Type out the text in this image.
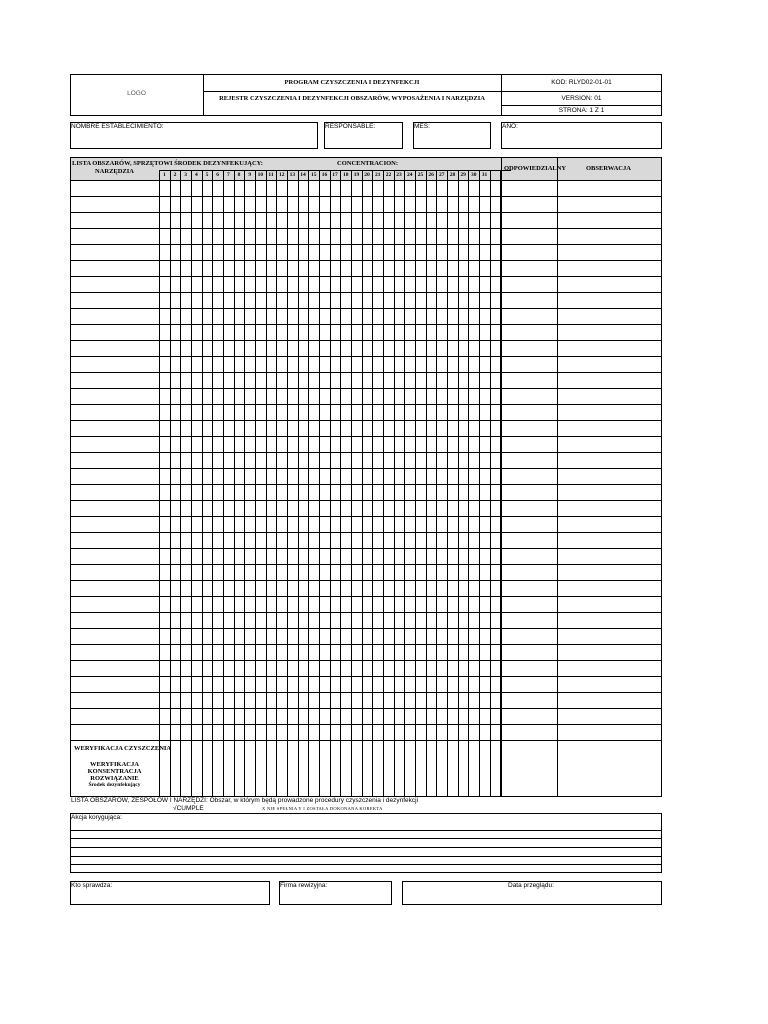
LOGO
PROGRAM CZYSZCZENIA I DEZYNFEKCJI
REJESTR CZYSZCZENIA I DEZYNFEKCJI OBSZARÓW, WYPOSAŻENIA I NARZĘDZIA
KOD: RLYD02-01-01
VERSION: 01
STRONA: 1 Z 1
NOMBRE ESTABLECIMIENTO:	RESPONSABLE:	MES:	AÑO:
LISTA OBSZARÓW, SPRZĘTOWI ŚRODEK DEZYNFEKUJĄCY:
NARZĘDZIA
CONCENTRACION:
ODPOWIEDZIALNY	OBSERWACJA
1	2	3	4	5	6	7	8	9	10 11 12 13 14 15 16 17 18 19 20 21 22 23 24 25 26 27 28 29 30 31
WERYFIKACJA CZYSZCZENIA
WERYFIKACJA
KONSENTRACJA
ROZWIĄZANIE
Środek dezynfekujący
LISTA OBSZARÓW, ZESPOŁÓW I NARZĘDZI: Obszar, w którym będą prowadzone procedury czyszczenia i dezynfekcji
√CUMPLE	X NIE SPEŁNIA Y I ZOSTAŁA DOKONANA KOREKTA
Akcja korygująca:
Kto sprawdza:	Firma rewizyjna:	Data przeglądu:
